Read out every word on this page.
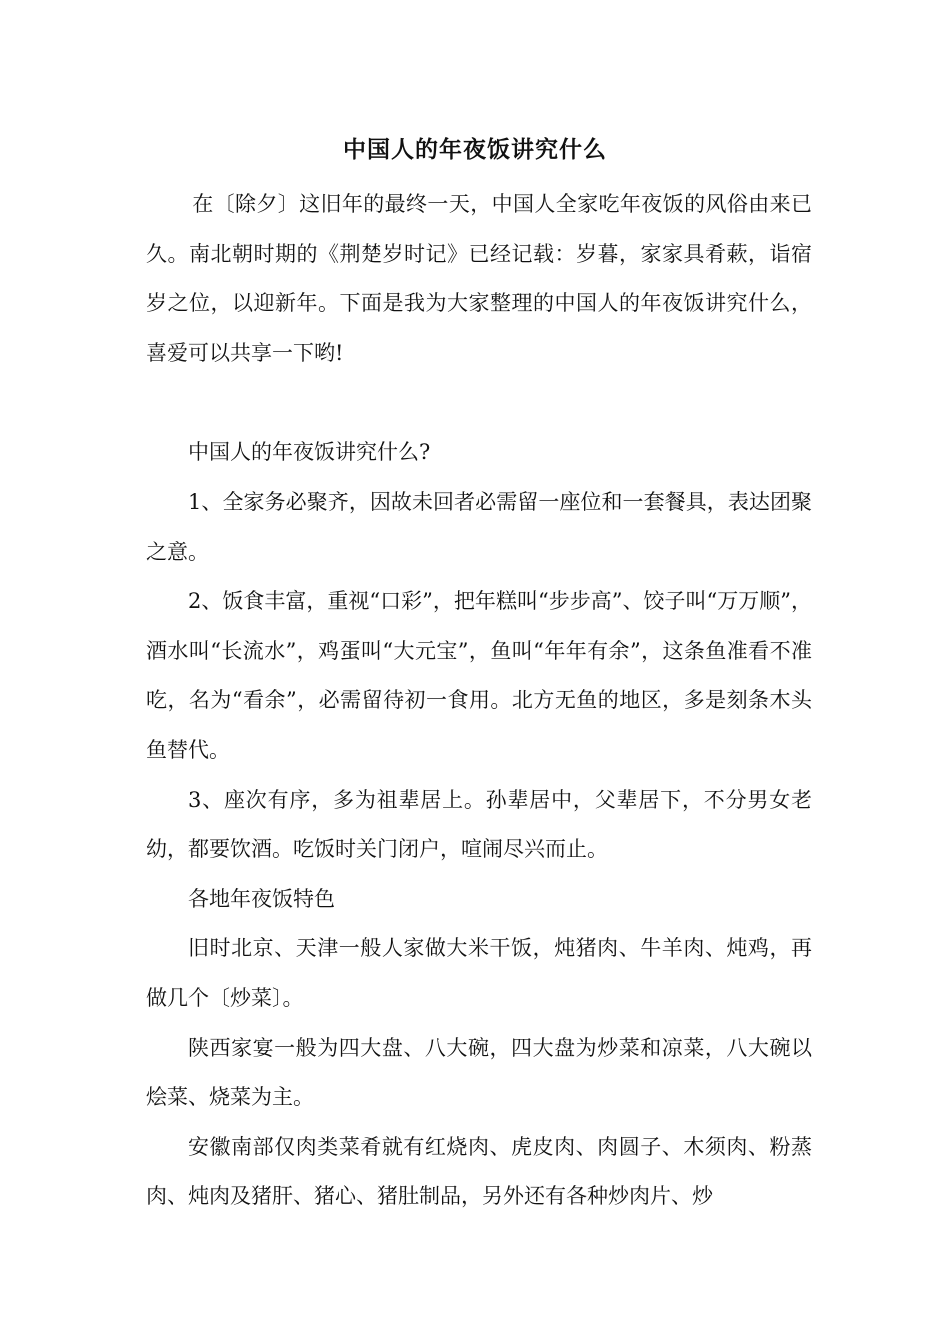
中国人的年夜饭讲究什么

在〔除夕〕这旧年的最终一天，中国人全家吃年夜饭的风俗由来已久。南北朝时期的《荆楚岁时记》已经记载：岁暮，家家具肴蔌，诣宿岁之位，以迎新年。下面是我为大家整理的中国人的年夜饭讲究什么，喜爱可以共享一下哟!

中国人的年夜饭讲究什么?

1、全家务必聚齐，因故未回者必需留一座位和一套餐具，表达团聚之意。

2、饭食丰富，重视“口彩”，把年糕叫“步步高”、饺子叫“万万顺”，酒水叫“长流水”，鸡蛋叫“大元宝”，鱼叫“年年有余”，这条鱼准看不准吃，名为“看余”，必需留待初一食用。北方无鱼的地区，多是刻条木头鱼替代。

3、座次有序，多为祖辈居上。孙辈居中，父辈居下，不分男女老幼，都要饮酒。吃饭时关门闭户，喧闹尽兴而止。

各地年夜饭特色

旧时北京、天津一般人家做大米干饭，炖猪肉、牛羊肉、炖鸡，再做几个〔炒菜〕。

陕西家宴一般为四大盘、八大碗，四大盘为炒菜和凉菜，八大碗以烩菜、烧菜为主。

安徽南部仅肉类菜肴就有红烧肉、虎皮肉、肉圆子、木须肉、粉蒸肉、炖肉及猪肝、猪心、猪肚制品，另外还有各种炒肉片、炒
